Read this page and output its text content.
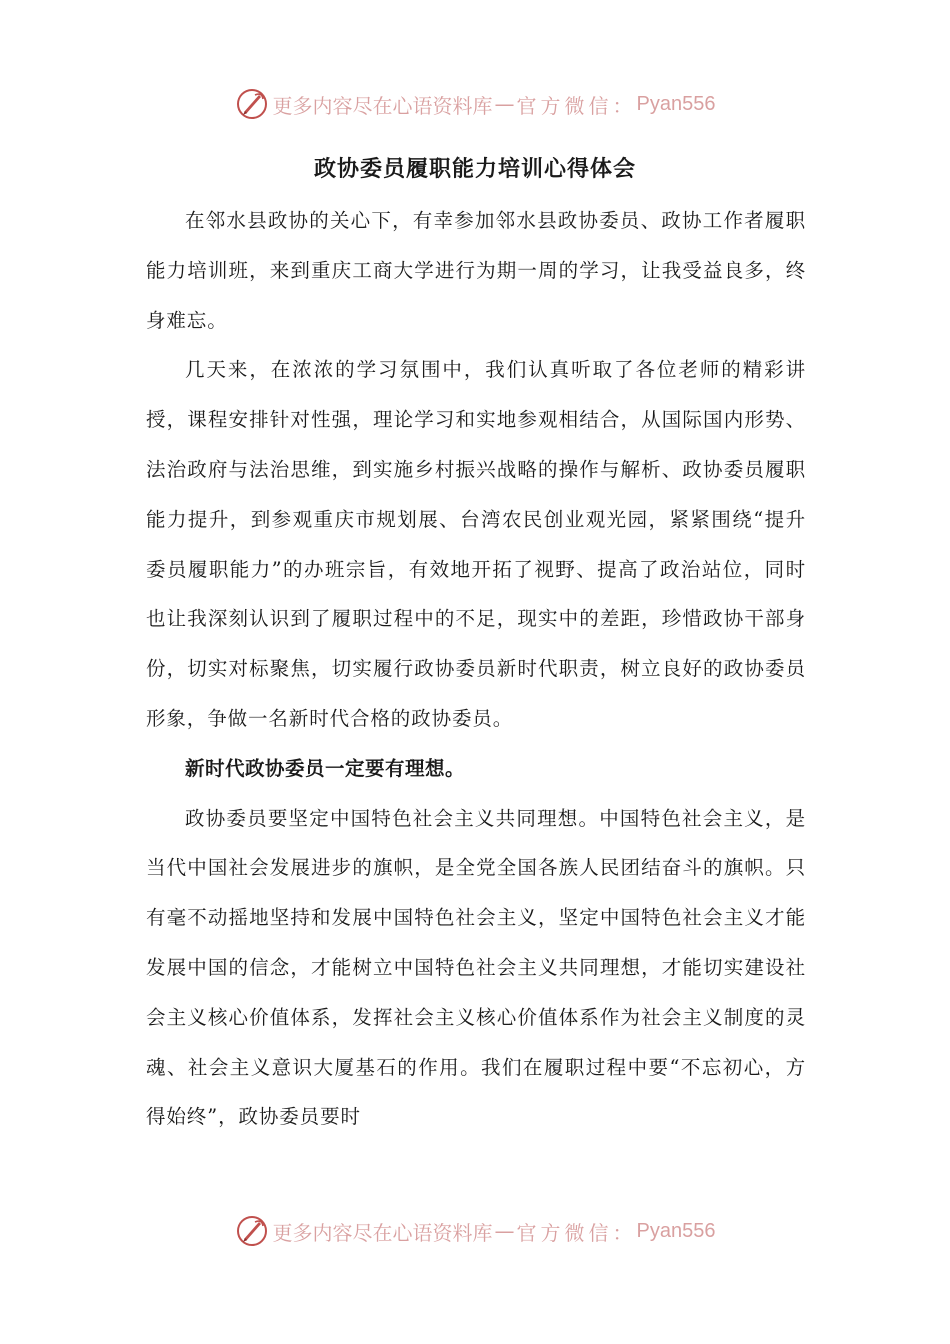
更多内容尽在心语资料库 — 官方微信： Pyan556
政协委员履职能力培训心得体会

在邻水县政协的关心下，有幸参加邻水县政协委员、政协工作者履职能力培训班，来到重庆工商大学进行为期一周的学习，让我受益良多，终身难忘。

几天来，在浓浓的学习氛围中，我们认真听取了各位老师的精彩讲授，课程安排针对性强，理论学习和实地参观相结合，从国际国内形势、法治政府与法治思维，到实施乡村振兴战略的操作与解析、政协委员履职能力提升，到参观重庆市规划展、台湾农民创业观光园，紧紧围绕“提升委员履职能力”的办班宗旨，有效地开拓了视野、提高了政治站位，同时也让我深刻认识到了履职过程中的不足，现实中的差距，珍惜政协干部身份，切实对标聚焦，切实履行政协委员新时代职责，树立良好的政协委员形象，争做一名新时代合格的政协委员。

新时代政协委员一定要有理想。

政协委员要坚定中国特色社会主义共同理想。中国特色社会主义，是当代中国社会发展进步的旗帜，是全党全国各族人民团结奋斗的旗帜。只有毫不动摇地坚持和发展中国特色社会主义，坚定中国特色社会主义才能发展中国的信念，才能树立中国特色社会主义共同理想，才能切实建设社会主义核心价值体系，发挥社会主义核心价值体系作为社会主义制度的灵魂、社会主义意识大厦基石的作用。我们在履职过程中要“不忘初心，方得始终”，政协委员要时

更多内容尽在心语资料库 — 官方微信： Pyan556
